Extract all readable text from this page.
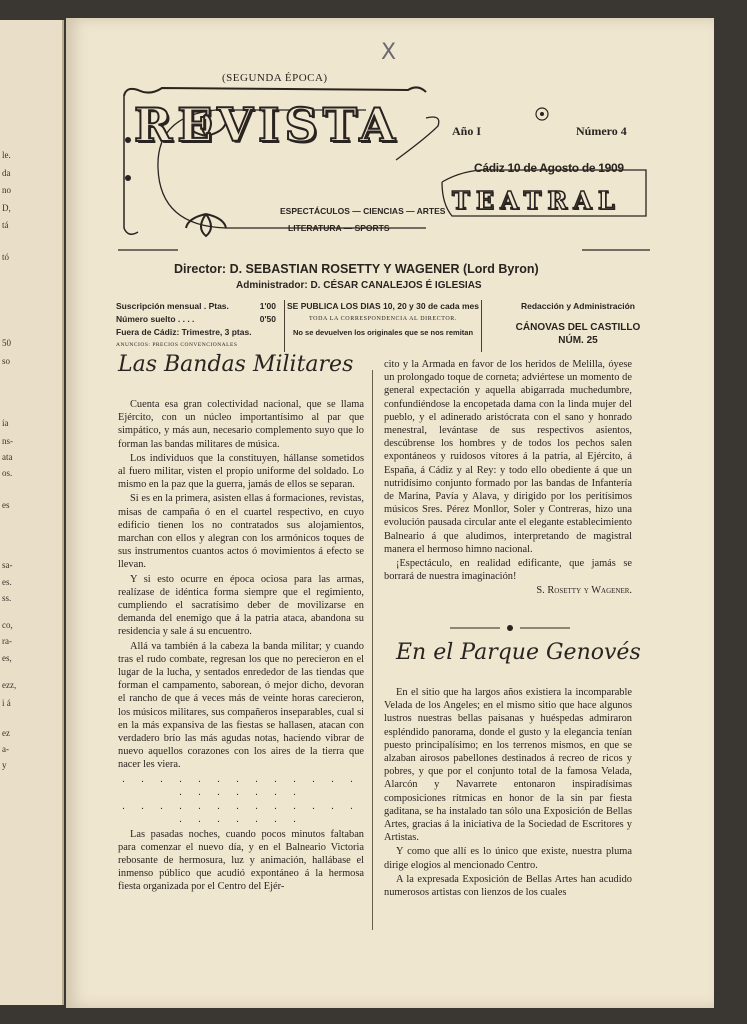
le.
da
no
D,
tá
tó
50
so
ía
ns-
ata
os.
es
sa-
es.
ss.
co,
ra-
es,
ezz,
i á
ez
a-
y
X
(SEGUNDA ÉPOCA)
REVISTA	Año I	Número 4
Cádiz 10 de Agosto de 1909
TEATRAL
ESPECTÁCULOS — CIENCIAS — ARTES
LITERATURA — SPORTS
Director: D. SEBASTIAN ROSETTY Y WAGENER (Lord Byron)
Administrador: D. CÉSAR CANALEJOS É IGLESIAS
Suscripción mensual . Ptas.	1'00
Número suelto . . . .	0'50
Fuera de Cádiz: Trimestre, 3 ptas.
ANUNCIOS: PRECIOS CONVENCIONALES
SE PUBLICA LOS DIAS 10, 20 y 30 de cada mes
TODA LA CORRESPONDENCIA AL DIRECTOR.
No se devuelven los originales que se nos remitan
Redacción y Administración
CÁNOVAS DEL CASTILLO
NÚM. 25
Las Bandas Militares

Cuenta esa gran colectividad nacional, que se llama Ejército, con un núcleo importantísimo al par que simpático, y más aun, necesario complemento suyo que lo forman las bandas militares de música.

Los individuos que la constituyen, hállanse sometidos al fuero militar, visten el propio uniforme del soldado. Lo mismo en la paz que la guerra, jamás de ellos se separan.

Si es en la primera, asisten ellas á formaciones, revistas, misas de campaña ó en el cuartel respectivo, en cuyo edificio tienen los no contratados sus alojamientos, marchan con ellos y alegran con los armónicos toques de sus instrumentos cuantos actos ó movimientos á efecto se llevan.

Y si esto ocurre en época ociosa para las armas, realízase de idéntica forma siempre que el regimiento, cumpliendo el sacratísimo deber de movilizarse en demanda del enemigo que á la patria ataca, abandona su residencia y sale á su encuentro.

Allá va también á la cabeza la banda militar; y cuando tras el rudo combate, regresan los que no perecieron en el lugar de la lucha, y sentados enrededor de las tiendas que forman el campamento, saborean, ó mejor dicho, devoran el rancho de que á veces más de veinte horas carecieron, los músicos militares, sus compañeros inseparables, cual si en la más expansiva de las fiestas se hallasen, atacan con verdadero brío las más agudas notas, haciendo vibrar de nuevo aquellos corazones con los aires de la tierra que nacer les viera.

. . . . . . . . . . . . . . . . . . . .

. . . . . . . . . . . . . . . . . . . .

Las pasadas noches, cuando pocos minutos faltaban para comenzar el nuevo día, y en el Balneario Victoria rebosante de hermosura, luz y animación, hallábase el inmenso público que acudió expontáneo á la hermosa fiesta organizada por el Centro del Ejér-

cito y la Armada en favor de los heridos de Melilla, óyese un prolongado toque de corneta; adviértese un momento de general expectación y aquella abigarrada muchedumbre, confundiéndose la encopetada dama con la linda mujer del pueblo, y el adinerado aristócrata con el sano y honrado menestral, levántase de sus respectivos asientos, descúbrense los hombres y de todos los pechos salen expontáneos y ruidosos vítores á la patria, al Ejército, á España, á Cádiz y al Rey: y todo ello obediente á que un nutridísimo conjunto formado por las bandas de Infantería de Marina, Pavía y Alava, y dirigido por los peritísimos músicos Sres. Pérez Monllor, Soler y Contreras, hizo una evolución pausada circular ante el elegante establecimiento Balneario á que aludimos, interpretando de magistral manera el hermoso himno nacional.

¡Espectáculo, en realidad edificante, que jamás se borrará de nuestra imaginación!

S. Rosetty y Wagener.

En el Parque Genovés

En el sitio que ha largos años existiera la incomparable Velada de los Angeles; en el mismo sitio que hace algunos lustros nuestras bellas paisanas y huéspedas admiraron espléndido panorama, donde el gusto y la elegancia tenían puesto principalísimo; en los terrenos mismos, en que se alzaban airosos pabellones destinados á recreo de ricos y pobres, y que por el conjunto total de la famosa Velada, Alarcón y Navarrete entonaron inspiradísimas composiciones rítmicas en honor de la sin par fiesta gaditana, se ha instalado tan sólo una Exposición de Bellas Artes, gracias á la iniciativa de la Sociedad de Escritores y Artistas.

Y como que allí es lo único que existe, nuestra pluma dirige elogios al mencionado Centro.

A la expresada Exposición de Bellas Artes han acudido numerosos artistas con lienzos de los cuales
